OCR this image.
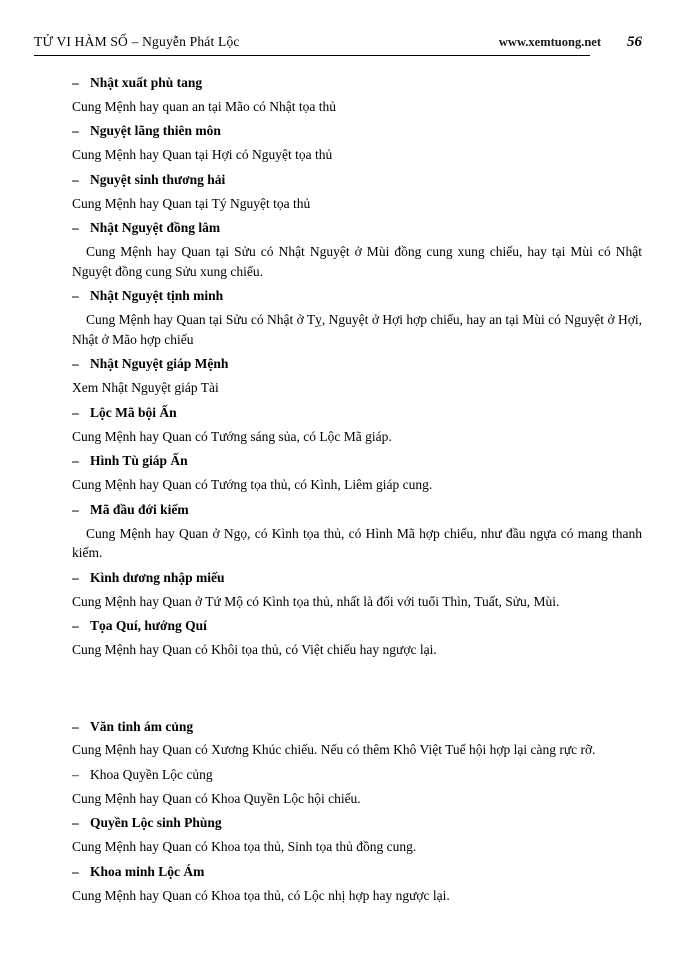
TỬ VI HÀM SỐ – Nguyễn Phát Lộc	www.xemtuong.net 56

– Nhật xuất phù tang

Cung Mệnh hay quan an tại Mão có Nhật tọa thủ

– Nguyệt lãng thiên môn

Cung Mệnh hay Quan tại Hợi có Nguyệt tọa thủ

– Nguyệt sinh thương hải

Cung Mệnh hay Quan tại Tý Nguyệt tọa thủ

– Nhật Nguyệt đồng lâm

Cung Mệnh hay Quan tại Sửu có Nhật Nguyệt ở Mùi đồng cung xung chiếu, hay tại Mùi có Nhật Nguyệt đồng cung Sửu xung chiếu.

– Nhật Nguyệt tịnh minh

Cung Mệnh hay Quan tại Sửu có Nhật ở Tỵ, Nguyệt ở Hợi hợp chiếu, hay an tại Mùi có Nguyệt ở Hợi, Nhật ở Mão hợp chiếu

– Nhật Nguyệt giáp Mệnh

Xem Nhật Nguyệt giáp Tài

– Lộc Mã bội Ấn

Cung Mệnh hay Quan có Tướng sáng sủa, có Lộc Mã giáp.

– Hình Tù giáp Ấn

Cung Mệnh hay Quan có Tướng tọa thủ, có Kình, Liêm giáp cung.

– Mã đầu đới kiếm

Cung Mệnh hay Quan ở Ngọ, có Kình tọa thủ, có Hình Mã hợp chiếu, như đầu ngựa có mang thanh kiếm.

– Kình dương nhập miếu

Cung Mệnh hay Quan ở Tứ Mộ có Kình tọa thủ, nhất là đối với tuổi Thìn, Tuất, Sửu, Mùi.

– Tọa Quí, hướng Quí

Cung Mệnh hay Quan có Khôi tọa thủ, có Việt chiếu hay ngược lại.

– Văn tinh ám củng

Cung Mệnh hay Quan có Xương Khúc chiếu. Nếu có thêm Khô Việt Tuế hội hợp lại càng rực rỡ.

– Khoa Quyền Lộc củng

Cung Mệnh hay Quan có Khoa Quyền Lộc hội chiếu.

– Quyền Lộc sinh Phùng

Cung Mệnh hay Quan có Khoa tọa thủ, Sinh tọa thủ đồng cung.

– Khoa minh Lộc Ám

Cung Mệnh hay Quan có Khoa tọa thủ, có Lộc nhị hợp hay ngược lại.
